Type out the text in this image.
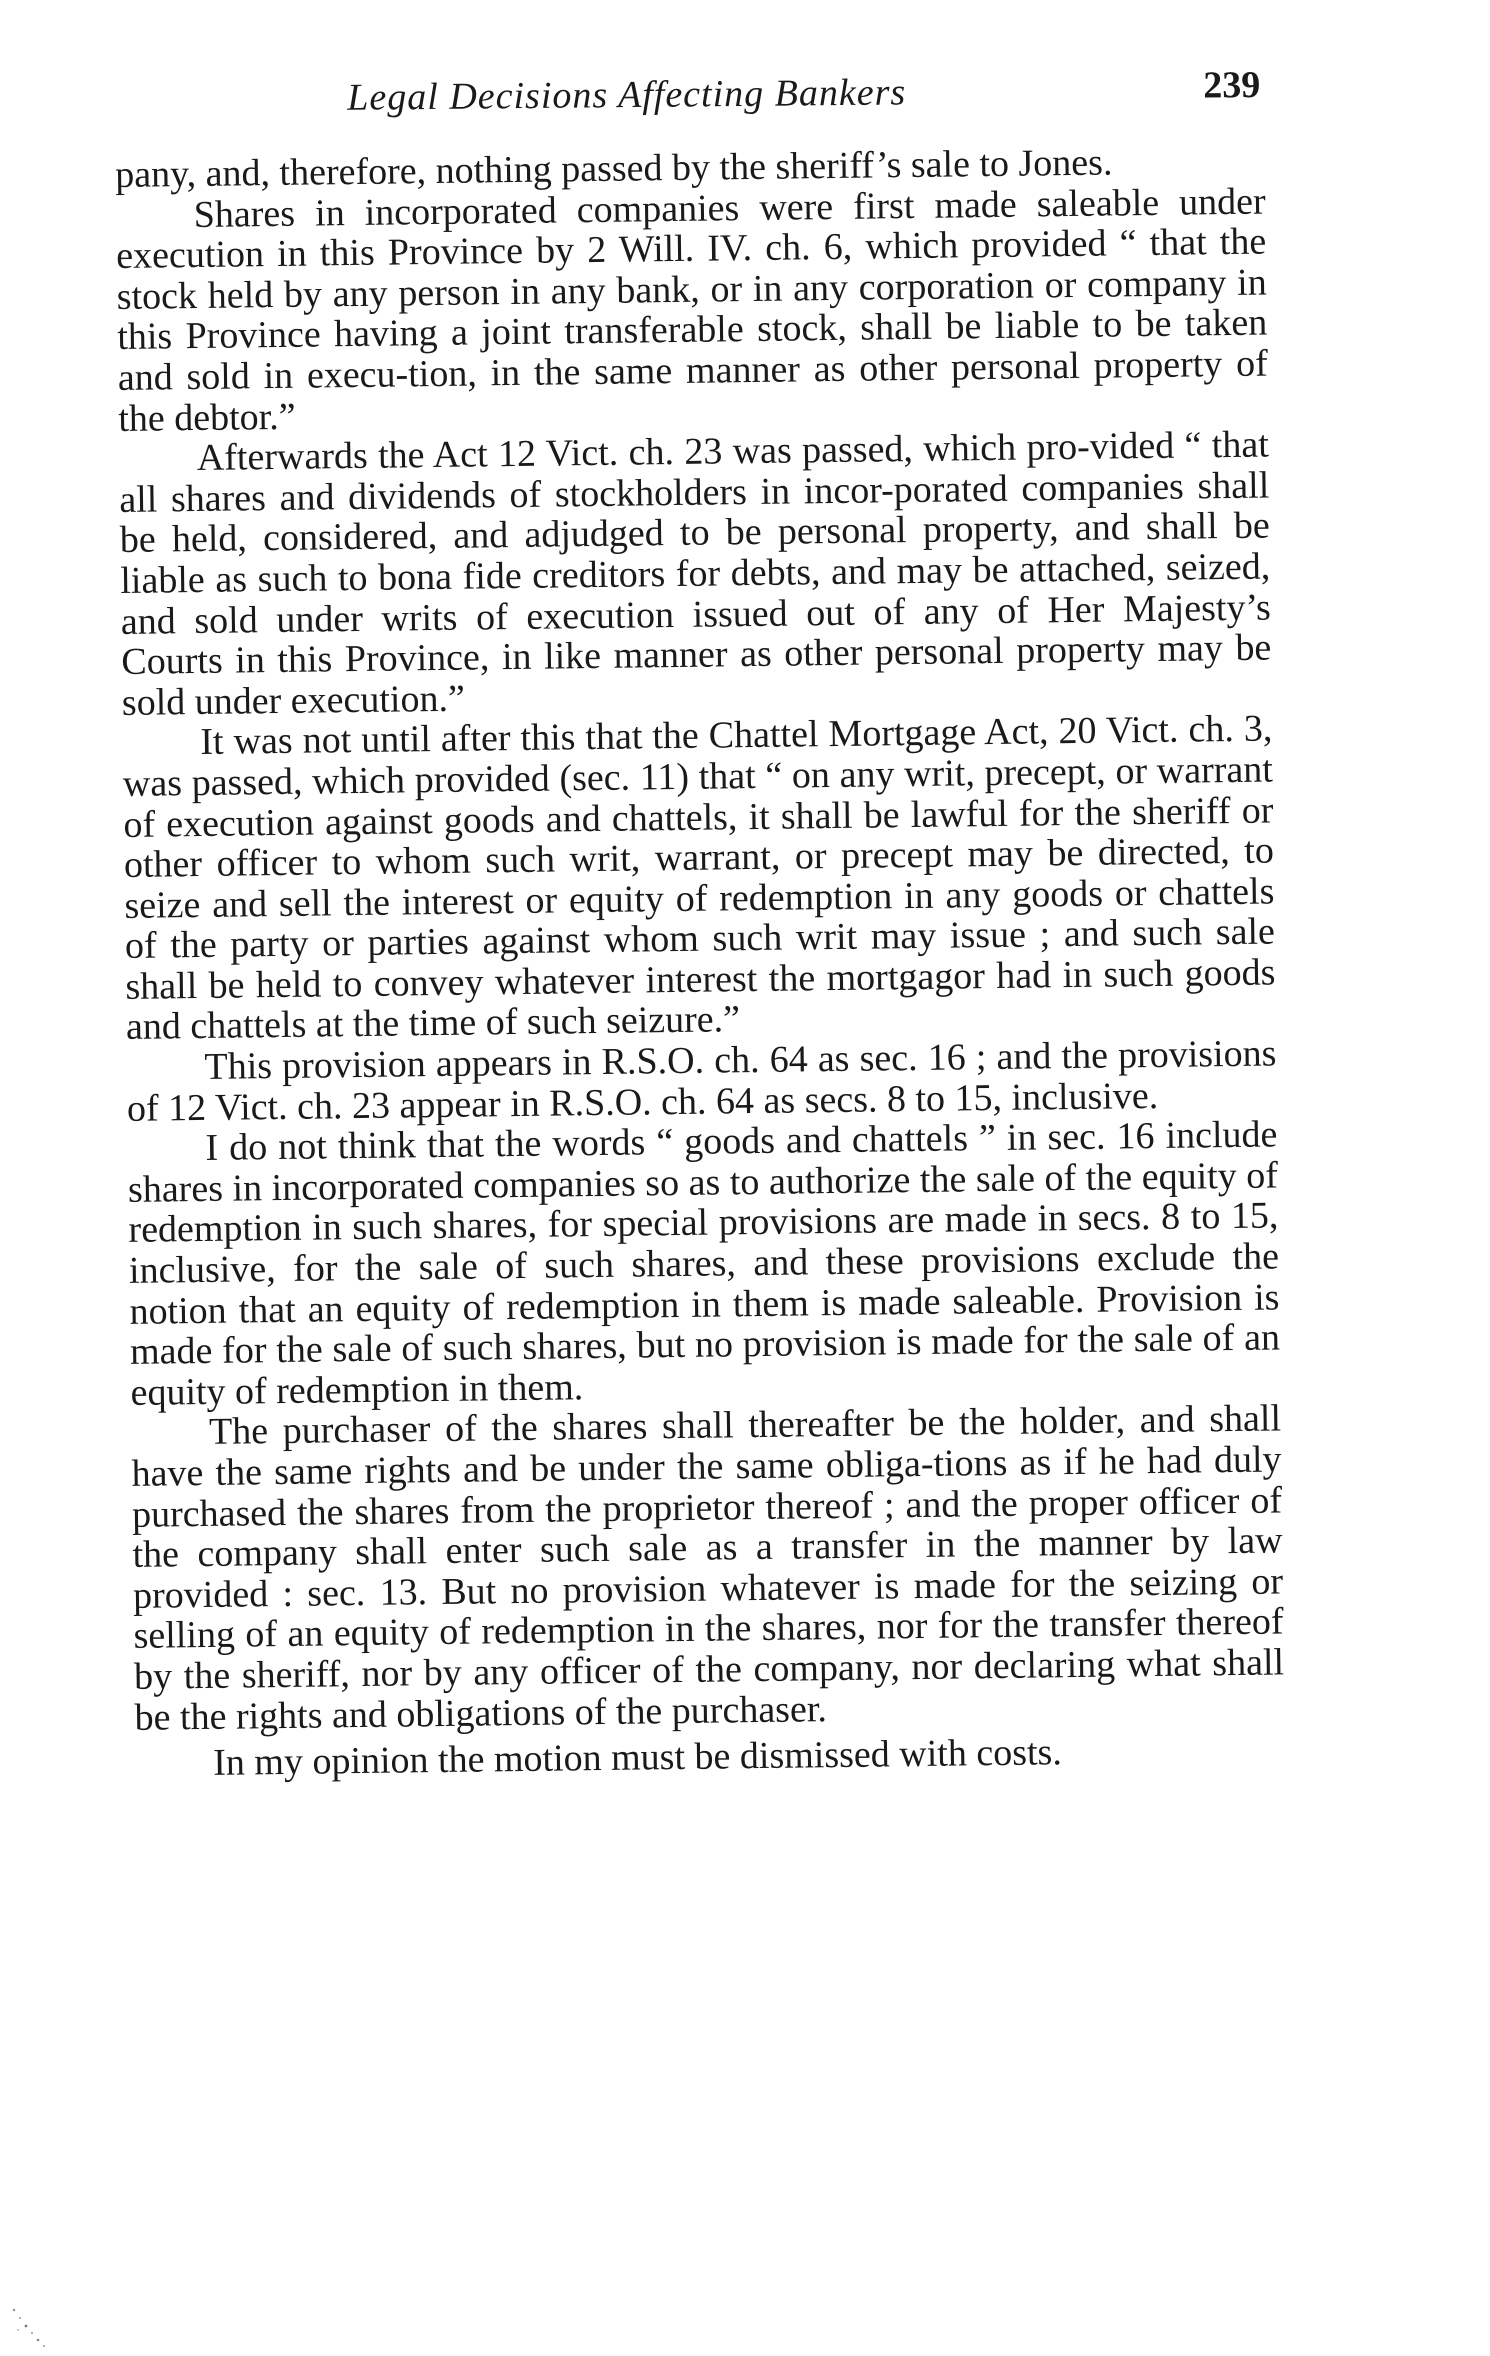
Legal Decisions Affecting Bankers	239

pany, and, therefore, nothing passed by the sheriff’s sale to Jones.

Shares in incorporated companies were first made saleable under execution in this Province by 2 Will. IV. ch. 6, which provided “ that the stock held by any person in any bank, or in any corporation or company in this Province having a joint transferable stock, shall be liable to be taken and sold in execu-tion, in the same manner as other personal property of the debtor.”

Afterwards the Act 12 Vict. ch. 23 was passed, which pro-vided “ that all shares and dividends of stockholders in incor-porated companies shall be held, considered, and adjudged to be personal property, and shall be liable as such to bona fide creditors for debts, and may be attached, seized, and sold under writs of execution issued out of any of Her Majesty’s Courts in this Province, in like manner as other personal property may be sold under execution.”

It was not until after this that the Chattel Mortgage Act, 20 Vict. ch. 3, was passed, which provided (sec. 11) that “ on any writ, precept, or warrant of execution against goods and chattels, it shall be lawful for the sheriff or other officer to whom such writ, warrant, or precept may be directed, to seize and sell the interest or equity of redemption in any goods or chattels of the party or parties against whom such writ may issue ; and such sale shall be held to convey whatever interest the mortgagor had in such goods and chattels at the time of such seizure.”

This provision appears in R.S.O. ch. 64 as sec. 16 ; and the provisions of 12 Vict. ch. 23 appear in R.S.O. ch. 64 as secs. 8 to 15, inclusive.

I do not think that the words “ goods and chattels ” in sec. 16 include shares in incorporated companies so as to authorize the sale of the equity of redemption in such shares, for special provisions are made in secs. 8 to 15, inclusive, for the sale of such shares, and these provisions exclude the notion that an equity of redemption in them is made saleable. Provision is made for the sale of such shares, but no provision is made for the sale of an equity of redemption in them.

The purchaser of the shares shall thereafter be the holder, and shall have the same rights and be under the same obliga-tions as if he had duly purchased the shares from the proprietor thereof ; and the proper officer of the company shall enter such sale as a transfer in the manner by law provided : sec. 13. But no provision whatever is made for the seizing or selling of an equity of redemption in the shares, nor for the transfer thereof by the sheriff, nor by any officer of the company, nor declaring what shall be the rights and obligations of the purchaser.

In my opinion the motion must be dismissed with costs.
